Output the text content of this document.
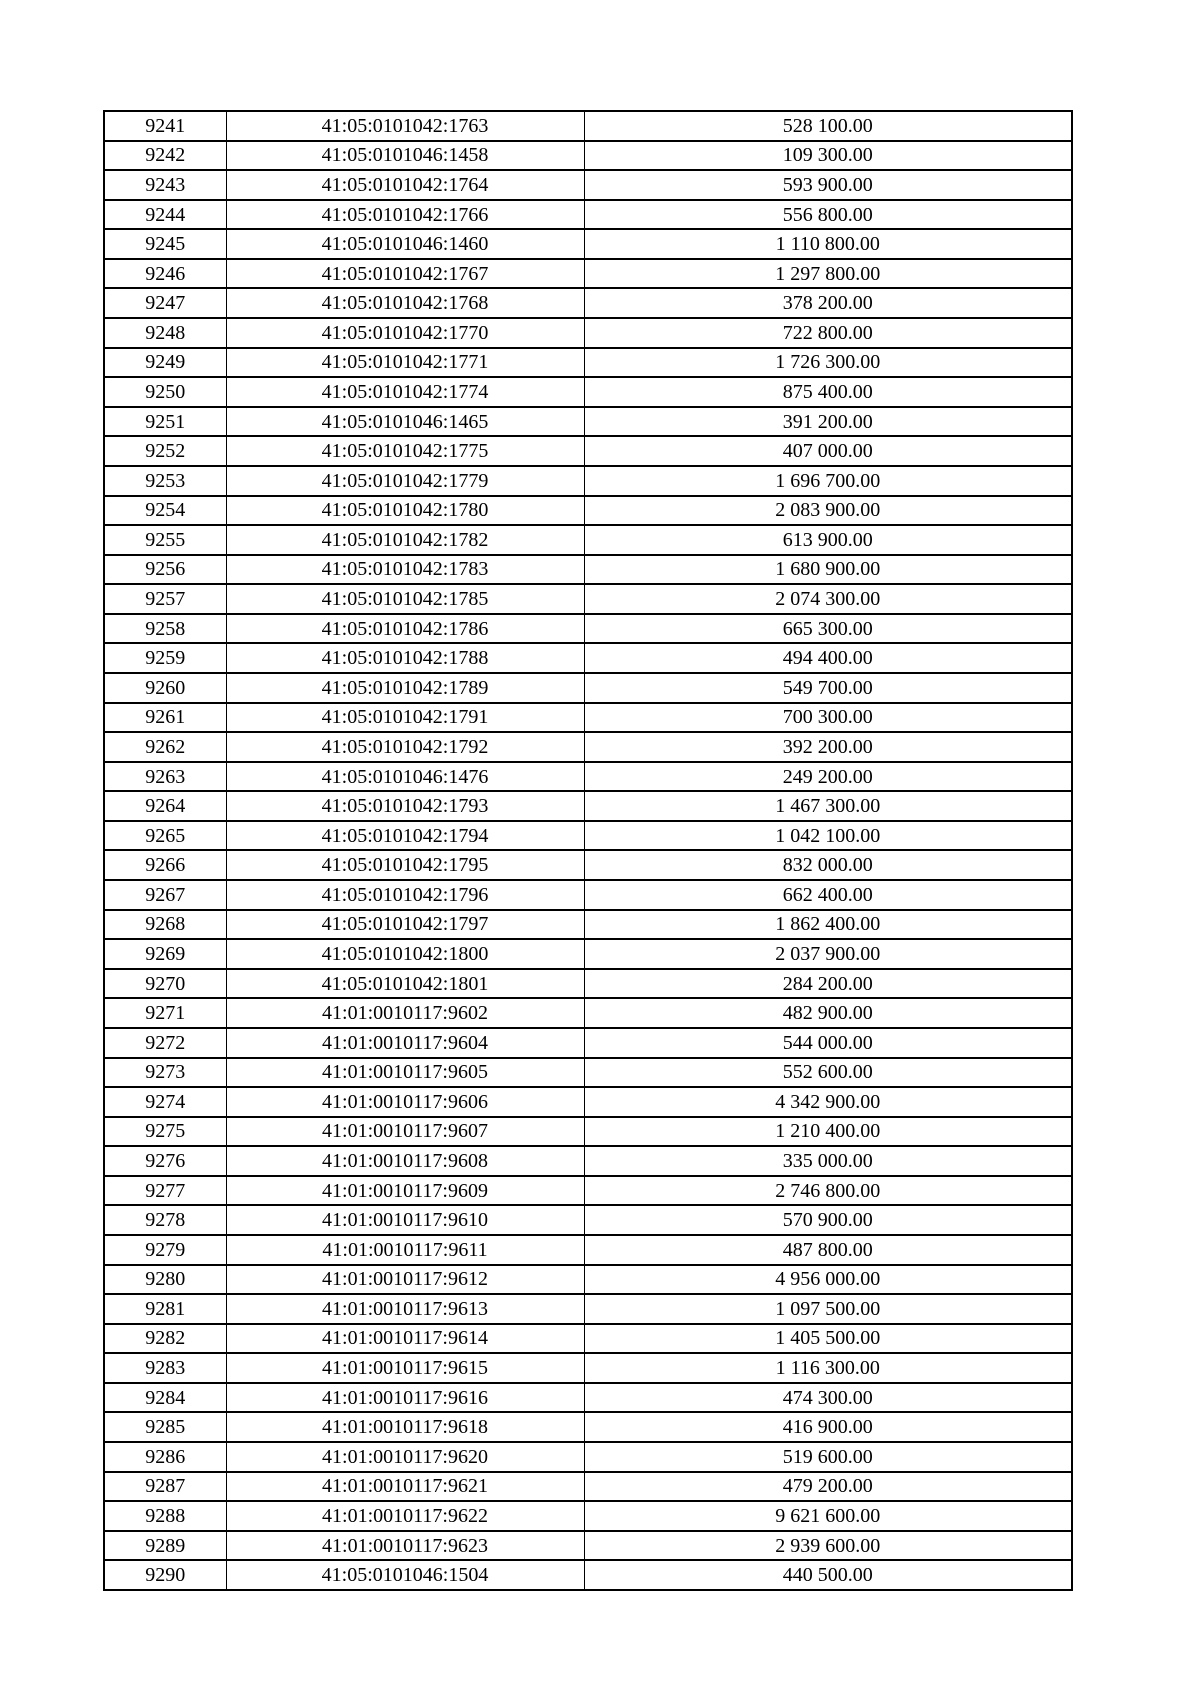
9241	41:05:0101042:1763	528 100.00
9242	41:05:0101046:1458	109 300.00
9243	41:05:0101042:1764	593 900.00
9244	41:05:0101042:1766	556 800.00
9245	41:05:0101046:1460	1 110 800.00
9246	41:05:0101042:1767	1 297 800.00
9247	41:05:0101042:1768	378 200.00
9248	41:05:0101042:1770	722 800.00
9249	41:05:0101042:1771	1 726 300.00
9250	41:05:0101042:1774	875 400.00
9251	41:05:0101046:1465	391 200.00
9252	41:05:0101042:1775	407 000.00
9253	41:05:0101042:1779	1 696 700.00
9254	41:05:0101042:1780	2 083 900.00
9255	41:05:0101042:1782	613 900.00
9256	41:05:0101042:1783	1 680 900.00
9257	41:05:0101042:1785	2 074 300.00
9258	41:05:0101042:1786	665 300.00
9259	41:05:0101042:1788	494 400.00
9260	41:05:0101042:1789	549 700.00
9261	41:05:0101042:1791	700 300.00
9262	41:05:0101042:1792	392 200.00
9263	41:05:0101046:1476	249 200.00
9264	41:05:0101042:1793	1 467 300.00
9265	41:05:0101042:1794	1 042 100.00
9266	41:05:0101042:1795	832 000.00
9267	41:05:0101042:1796	662 400.00
9268	41:05:0101042:1797	1 862 400.00
9269	41:05:0101042:1800	2 037 900.00
9270	41:05:0101042:1801	284 200.00
9271	41:01:0010117:9602	482 900.00
9272	41:01:0010117:9604	544 000.00
9273	41:01:0010117:9605	552 600.00
9274	41:01:0010117:9606	4 342 900.00
9275	41:01:0010117:9607	1 210 400.00
9276	41:01:0010117:9608	335 000.00
9277	41:01:0010117:9609	2 746 800.00
9278	41:01:0010117:9610	570 900.00
9279	41:01:0010117:9611	487 800.00
9280	41:01:0010117:9612	4 956 000.00
9281	41:01:0010117:9613	1 097 500.00
9282	41:01:0010117:9614	1 405 500.00
9283	41:01:0010117:9615	1 116 300.00
9284	41:01:0010117:9616	474 300.00
9285	41:01:0010117:9618	416 900.00
9286	41:01:0010117:9620	519 600.00
9287	41:01:0010117:9621	479 200.00
9288	41:01:0010117:9622	9 621 600.00
9289	41:01:0010117:9623	2 939 600.00
9290	41:05:0101046:1504	440 500.00
